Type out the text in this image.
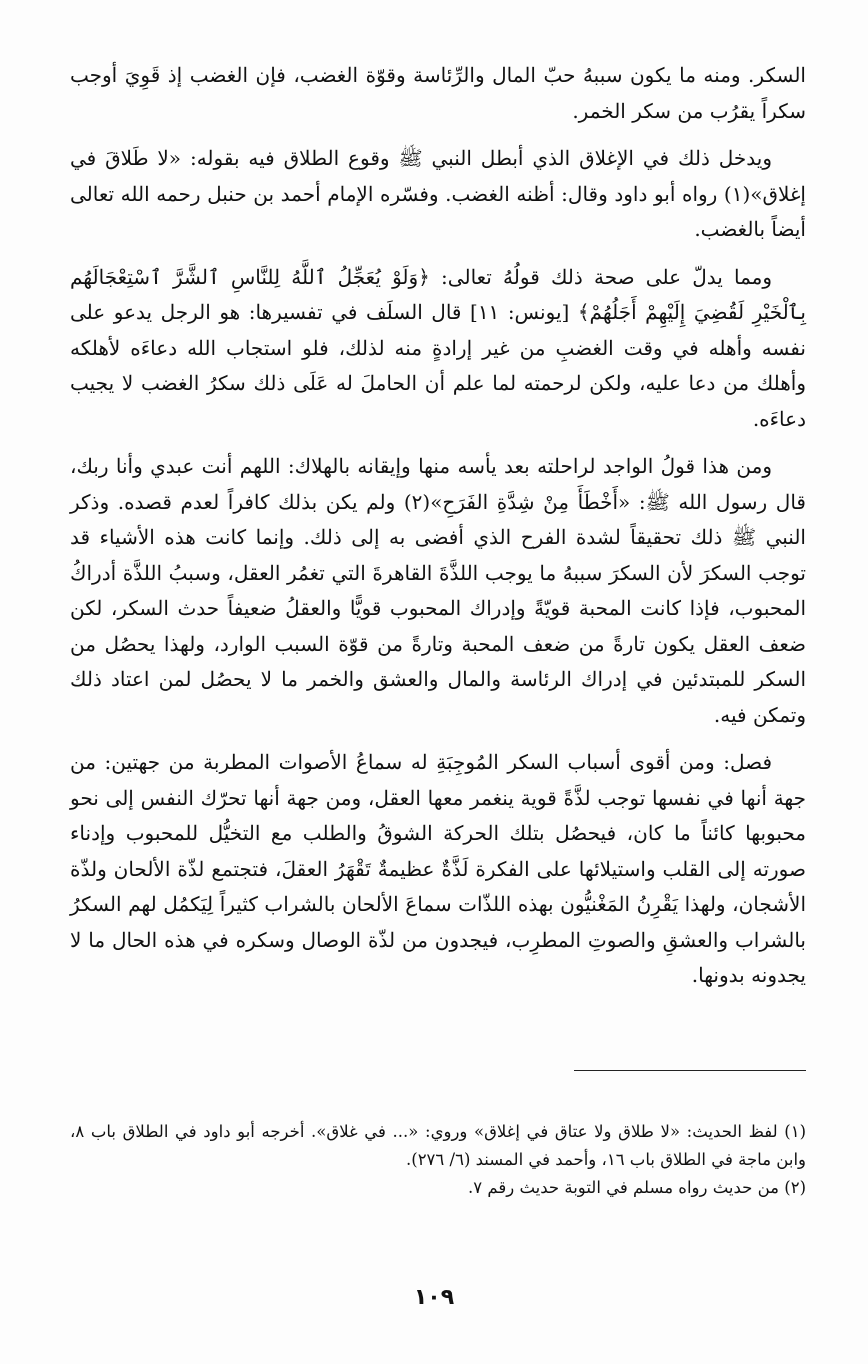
السكر. ومنه ما يكون سببهُ حبّ المال والرِّئاسة وقوّة الغضب، فإن الغضب إذ قَوِيَ أوجب سكراً يقرُب من سكر الخمر.

ويدخل ذلك في الإغلاق الذي أبطل النبي ﷺ وقوع الطلاق فيه بقوله: «لا طَلاقَ في إغلاق»(١) رواه أبو داود وقال: أظنه الغضب. وفسّره الإمام أحمد بن حنبل رحمه الله تعالى أيضاً بالغضب.

ومما يدلّ على صحة ذلك قولُهُ تعالى: ﴿وَلَوْ يُعَجِّلُ ٱللَّهُ لِلنَّاسِ ٱلشَّرَّ ٱسْتِعْجَالَهُم بِٱلْخَيْرِ لَقُضِيَ إِلَيْهِمْ أَجَلُهُمْ﴾ [يونس: ١١] قال السلَف في تفسيرها: هو الرجل يدعو على نفسه وأهله في وقت الغضبِ من غير إرادةٍ منه لذلك، فلو استجاب الله دعاءَه لأهلكه وأهلك من دعا عليه، ولكن لرحمته لما علم أن الحاملَ له عَلَى ذلك سكرُ الغضب لا يجيب دعاءَه.

ومن هذا قولُ الواجد لراحلته بعد يأسه منها وإيقانه بالهلاك: اللهم أنت عبدي وأنا ربك، قال رسول الله ﷺ: «أَخْطَأَ مِنْ شِدَّةِ الفَرَحِ»(٢) ولم يكن بذلك كافراً لعدم قصده. وذكر النبي ﷺ ذلك تحقيقاً لشدة الفرح الذي أفضى به إلى ذلك. وإنما كانت هذه الأشياء قد توجب السكرَ لأن السكرَ سببهُ ما يوجب اللذَّةَ القاهرةَ التي تغمُر العقل، وسببُ اللذَّة أدراكُ المحبوب، فإذا كانت المحبة قويّةً وإدراك المحبوب قويًّا والعقلُ ضعيفاً حدث السكر، لكن ضعف العقل يكون تارةً من ضعف المحبة وتارةً من قوّة السبب الوارد، ولهذا يحصُل من السكر للمبتدئين في إدراك الرئاسة والمال والعشق والخمر ما لا يحصُل لمن اعتاد ذلك وتمكن فيه.

فصل: ومن أقوى أسباب السكر المُوجِبَةِ له سماعُ الأصوات المطربة من جهتين: من جهة أنها في نفسها توجب لذَّةً قوية ينغمر معها العقل، ومن جهة أنها تحرّك النفس إلى نحو محبوبها كائناً ما كان، فيحصُل بتلك الحركة الشوقُ والطلب مع التخيُّل للمحبوب وإدناء صورته إلى القلب واستيلائها على الفكرة لَذَّةٌ عظيمةٌ تَقْهَرُ العقلَ، فتجتمع لذّة الألحان ولذّة الأشجان، ولهذا يَقْرِنُ المَغْنيُّون بهذه اللذّات سماعَ الألحان بالشراب كثيراً لِيَكمُل لهم السكرُ بالشراب والعشقِ والصوتِ المطرِب، فيجدون من لذّة الوصال وسكره في هذه الحال ما لا يجدونه بدونها.

(١) لفظ الحديث: «لا طلاق ولا عتاق في إغلاق» وروي: «... في غلاق». أخرجه أبو داود في الطلاق باب ٨، وابن ماجة في الطلاق باب ١٦، وأحمد في المسند (٦/ ٢٧٦).

(٢) من حديث رواه مسلم في التوبة حديث رقم ٧.

١٠٩
